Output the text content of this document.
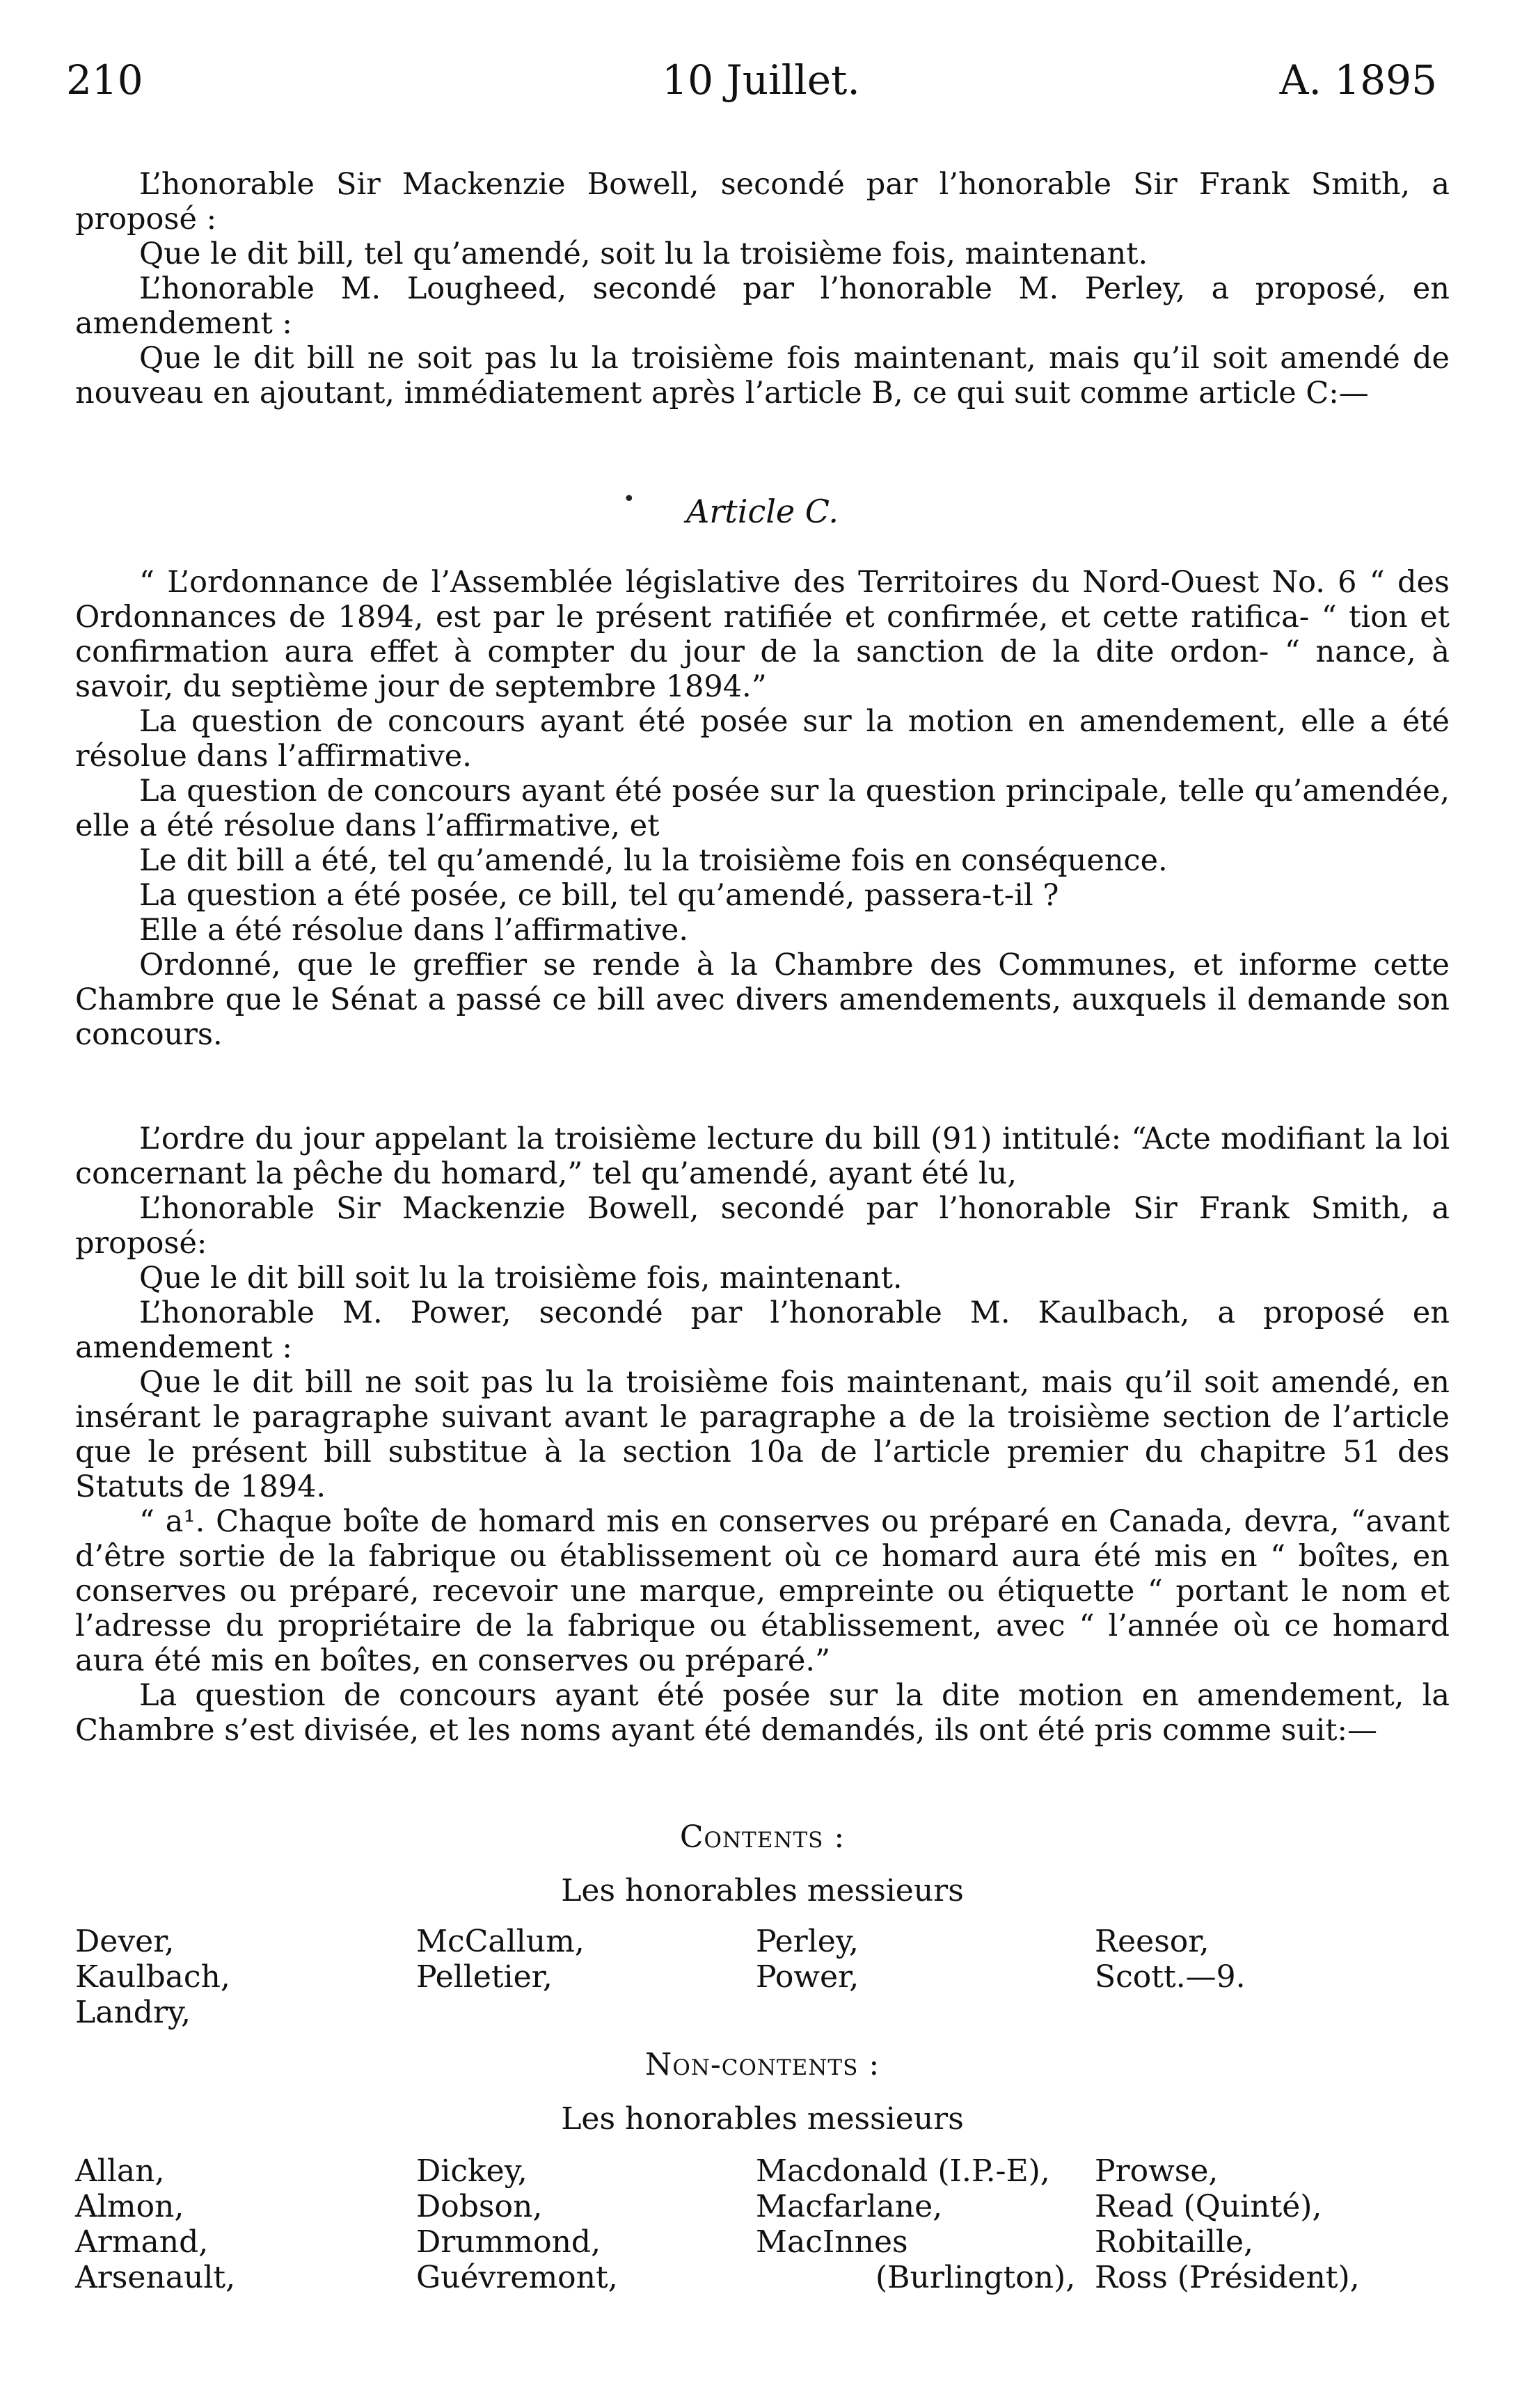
210	10 Juillet.	A. 1895

L’honorable Sir Mackenzie Bowell, secondé par l’honorable Sir Frank Smith, a proposé :

Que le dit bill, tel qu’amendé, soit lu la troisième fois, maintenant.

L’honorable M. Lougheed, secondé par l’honorable M. Perley, a proposé, en amendement :

Que le dit bill ne soit pas lu la troisième fois maintenant, mais qu’il soit amendé de nouveau en ajoutant, immédiatement après l’article B, ce qui suit comme article C:—

Article C.

“ L’ordonnance de l’Assemblée législative des Territoires du Nord-Ouest No. 6 “ des Ordonnances de 1894, est par le présent ratifiée et confirmée, et cette ratifica- “ tion et confirmation aura effet à compter du jour de la sanction de la dite ordon- “ nance, à savoir, du septième jour de septembre 1894.”

La question de concours ayant été posée sur la motion en amendement, elle a été résolue dans l’affirmative.

La question de concours ayant été posée sur la question principale, telle qu’amendée, elle a été résolue dans l’affirmative, et

Le dit bill a été, tel qu’amendé, lu la troisième fois en conséquence.

La question a été posée, ce bill, tel qu’amendé, passera-t-il ?

Elle a été résolue dans l’affirmative.

Ordonné, que le greffier se rende à la Chambre des Communes, et informe cette Chambre que le Sénat a passé ce bill avec divers amendements, auxquels il demande son concours.

L’ordre du jour appelant la troisième lecture du bill (91) intitulé: “Acte modifiant la loi concernant la pêche du homard,” tel qu’amendé, ayant été lu,

L’honorable Sir Mackenzie Bowell, secondé par l’honorable Sir Frank Smith, a proposé:

Que le dit bill soit lu la troisième fois, maintenant.

L’honorable M. Power, secondé par l’honorable M. Kaulbach, a proposé en amendement :

Que le dit bill ne soit pas lu la troisième fois maintenant, mais qu’il soit amendé, en insérant le paragraphe suivant avant le paragraphe a de la troisième section de l’article que le présent bill substitue à la section 10a de l’article premier du chapitre 51 des Statuts de 1894.

“ a¹. Chaque boîte de homard mis en conserves ou préparé en Canada, devra, “avant d’être sortie de la fabrique ou établissement où ce homard aura été mis en “ boîtes, en conserves ou préparé, recevoir une marque, empreinte ou étiquette “ portant le nom et l’adresse du propriétaire de la fabrique ou établissement, avec “ l’année où ce homard aura été mis en boîtes, en conserves ou préparé.”

La question de concours ayant été posée sur la dite motion en amendement, la Chambre s’est divisée, et les noms ayant été demandés, ils ont été pris comme suit:—

Contents :
Les honorables messieurs
Dever,	McCallum,	Perley,	Reesor,
Kaulbach,	Pelletier,	Power,	Scott.—9.
Landry,
Non-contents :
Les honorables messieurs
Allan,	Dickey,	Macdonald (I.P.-E), Prowse,
Almon,	Dobson,	Macfarlane,	Read (Quinté),
Armand,	Drummond,	MacInnes	Robitaille,
Arsenault,	Guévremont,	(Burlington), Ross (Président),
•
